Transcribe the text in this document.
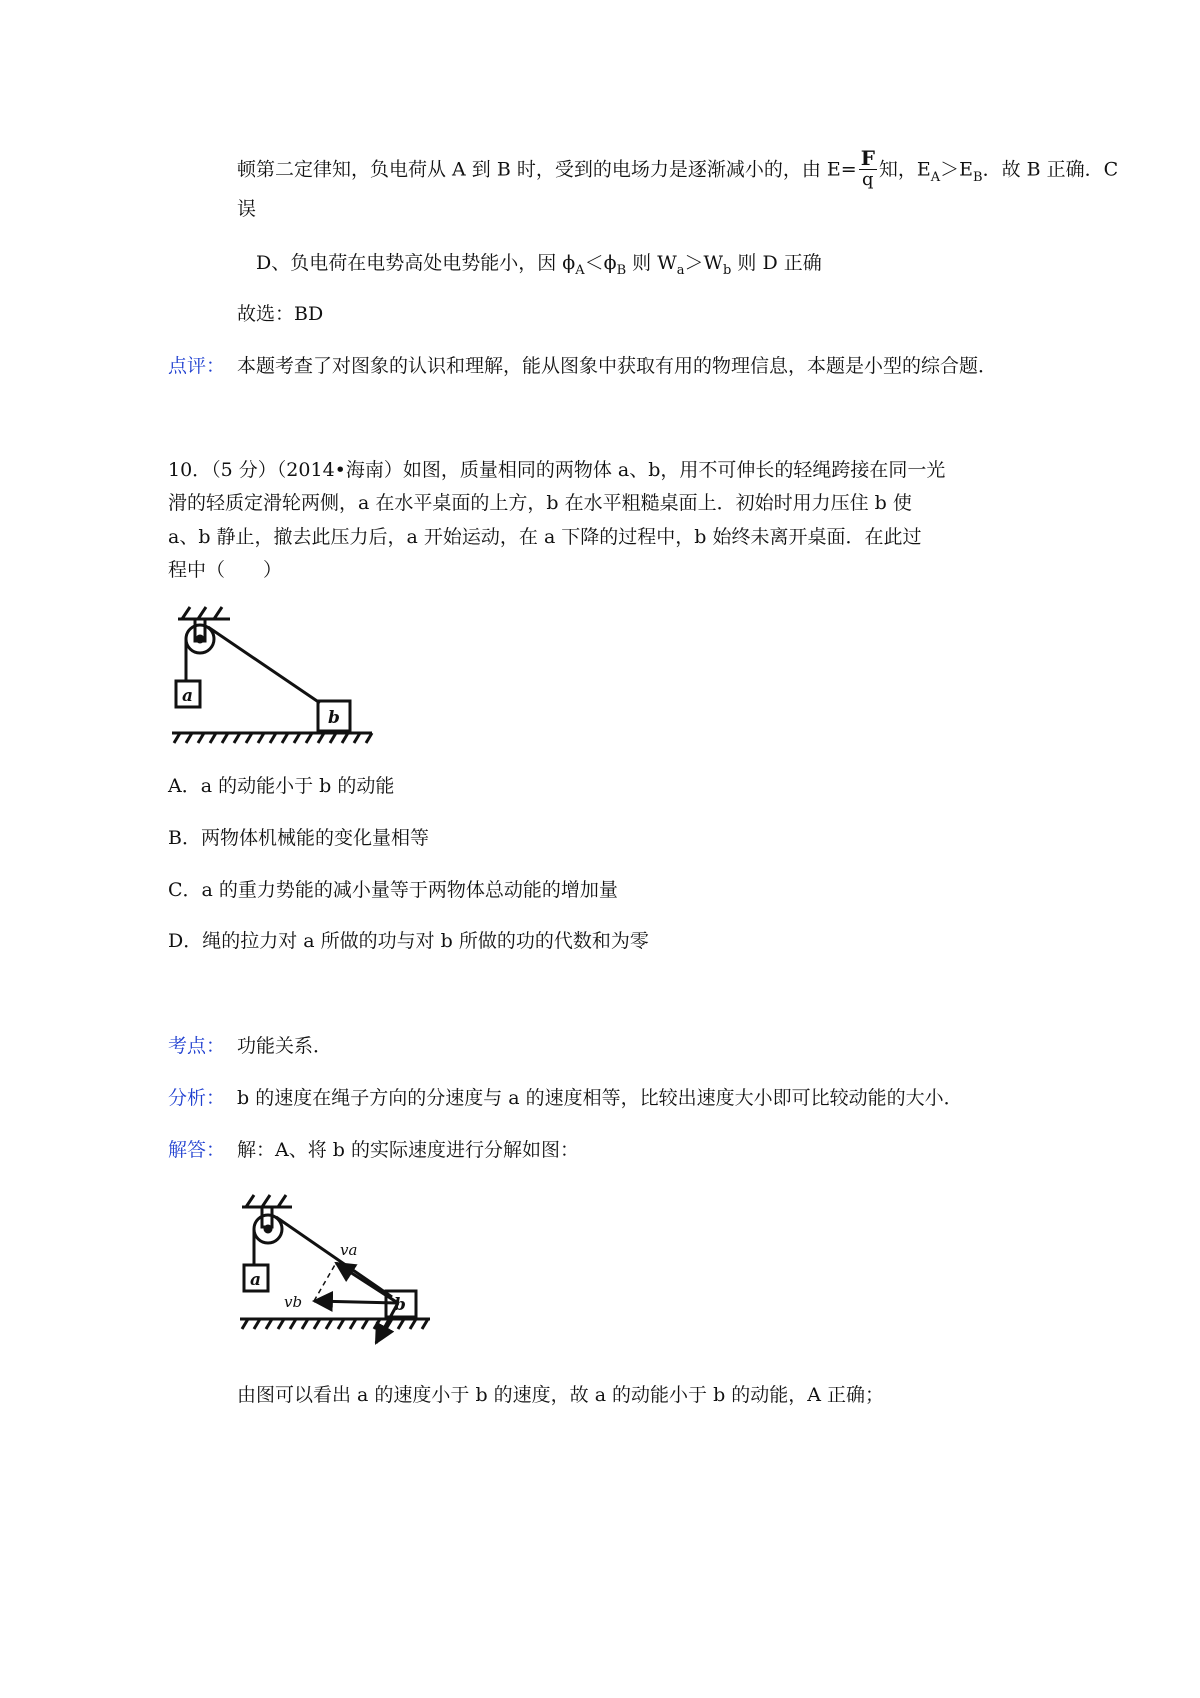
顿第二定律知，负电荷从 A 到 B 时，受到的电场力是逐渐减小的，由 $E= \frac{F}{q}$ 知，$E_A>E_B$．故 B 正确．C
误
D、负电荷在电势高处电势能小，因 $\phi_A<\phi_B$ 则 $W_a>W_b$ 则 D 正确
故选：BD
点评： 本题考查了对图象的认识和理解，能从图象中获取有用的物理信息，本题是小型的综合题．
10．（5 分）（2014•海南）如图，质量相同的两物体 a、b，用不可伸长的轻绳跨接在同一光
滑的轻质定滑轮两侧，a 在水平桌面的上方，b 在水平粗糙桌面上．初始时用力压住 b 使
a、b 静止，撤去此压力后，a 开始运动，在 a 下降的过程中，b 始终未离开桌面．在此过
程中（　　）
a
b
A．a 的动能小于 b 的动能
B．两物体机械能的变化量相等
C．a 的重力势能的减小量等于两物体总动能的增加量
D．绳的拉力对 a 所做的功与对 b 所做的功的代数和为零
考点： 功能关系．
分析： b 的速度在绳子方向的分速度与 a 的速度相等，比较出速度大小即可比较动能的大小．
解答： 解：A、将 b 的实际速度进行分解如图：
a
b
va
vb
由图可以看出 a 的速度小于 b 的速度，故 a 的动能小于 b 的动能，A 正确；
